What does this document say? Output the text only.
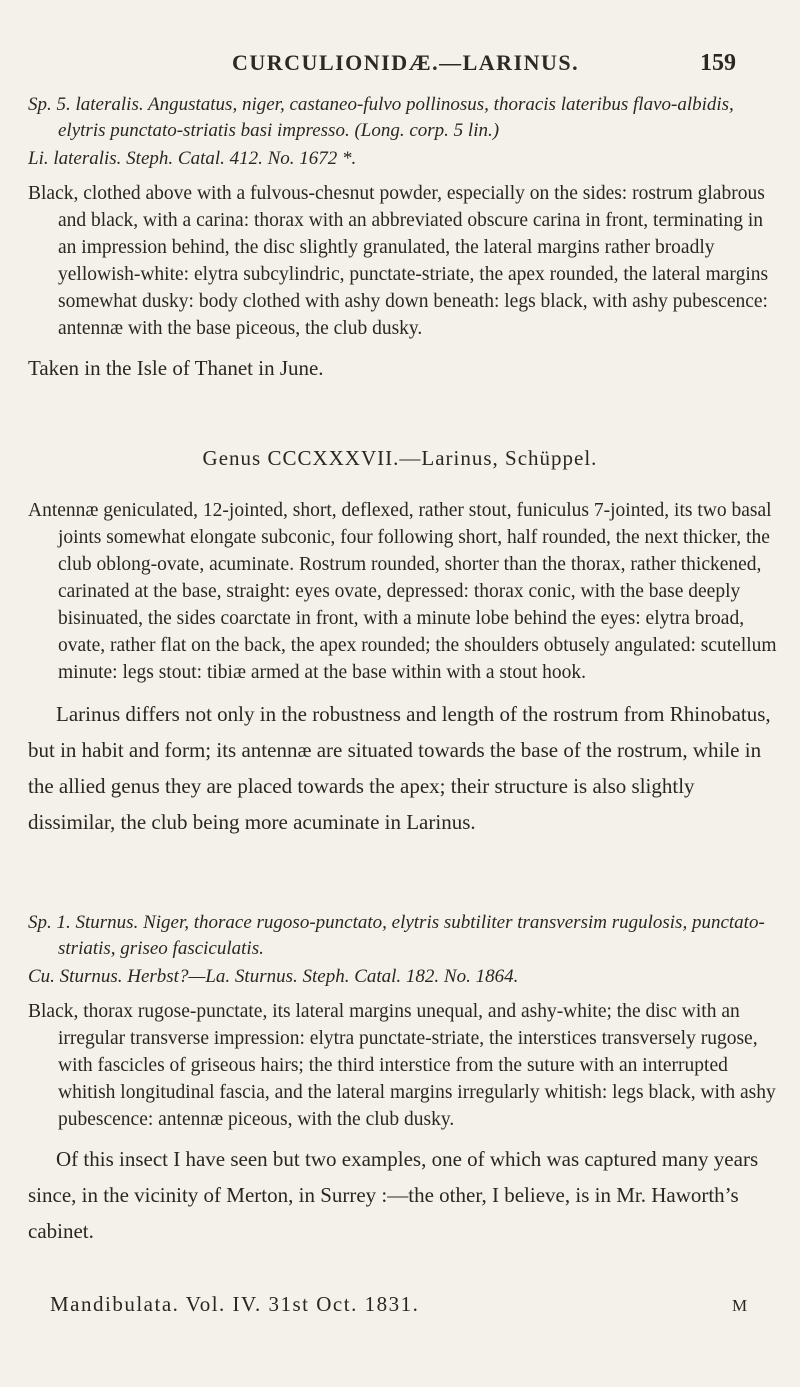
CURCULIONIDÆ.—LARINUS.	159

Sp. 5. lateralis. Angustatus, niger, castaneo-fulvo pollinosus, thoracis lateribus flavo-albidis, elytris punctato-striatis basi impresso. (Long. corp. 5 lin.)

Li. lateralis. Steph. Catal. 412. No. 1672 *.

Black, clothed above with a fulvous-chesnut powder, especially on the sides: rostrum glabrous and black, with a carina: thorax with an abbreviated obscure carina in front, terminating in an impression behind, the disc slightly granulated, the lateral margins rather broadly yellowish-white: elytra subcylindric, punctate-striate, the apex rounded, the lateral margins somewhat dusky: body clothed with ashy down beneath: legs black, with ashy pubescence: antennæ with the base piceous, the club dusky.

Taken in the Isle of Thanet in June.

Genus CCCXXXVII.—Larinus, Schüppel.

Antennæ geniculated, 12-jointed, short, deflexed, rather stout, funiculus 7-jointed, its two basal joints somewhat elongate subconic, four following short, half rounded, the next thicker, the club oblong-ovate, acuminate. Rostrum rounded, shorter than the thorax, rather thickened, carinated at the base, straight: eyes ovate, depressed: thorax conic, with the base deeply bisinuated, the sides coarctate in front, with a minute lobe behind the eyes: elytra broad, ovate, rather flat on the back, the apex rounded; the shoulders obtusely angulated: scutellum minute: legs stout: tibiæ armed at the base within with a stout hook.

Larinus differs not only in the robustness and length of the rostrum from Rhinobatus, but in habit and form; its antennæ are situated towards the base of the rostrum, while in the allied genus they are placed towards the apex; their structure is also slightly dissimilar, the club being more acuminate in Larinus.

Sp. 1. Sturnus. Niger, thorace rugoso-punctato, elytris subtiliter transversim rugulosis, punctato-striatis, griseo fasciculatis.

Cu. Sturnus. Herbst?—La. Sturnus. Steph. Catal. 182. No. 1864.

Black, thorax rugose-punctate, its lateral margins unequal, and ashy-white; the disc with an irregular transverse impression: elytra punctate-striate, the interstices transversely rugose, with fascicles of griseous hairs; the third interstice from the suture with an interrupted whitish longitudinal fascia, and the lateral margins irregularly whitish: legs black, with ashy pubescence: antennæ piceous, with the club dusky.

Of this insect I have seen but two examples, one of which was captured many years since, in the vicinity of Merton, in Surrey :—the other, I believe, is in Mr. Haworth’s cabinet.

Mandibulata. Vol. IV. 31st Oct. 1831.	M
